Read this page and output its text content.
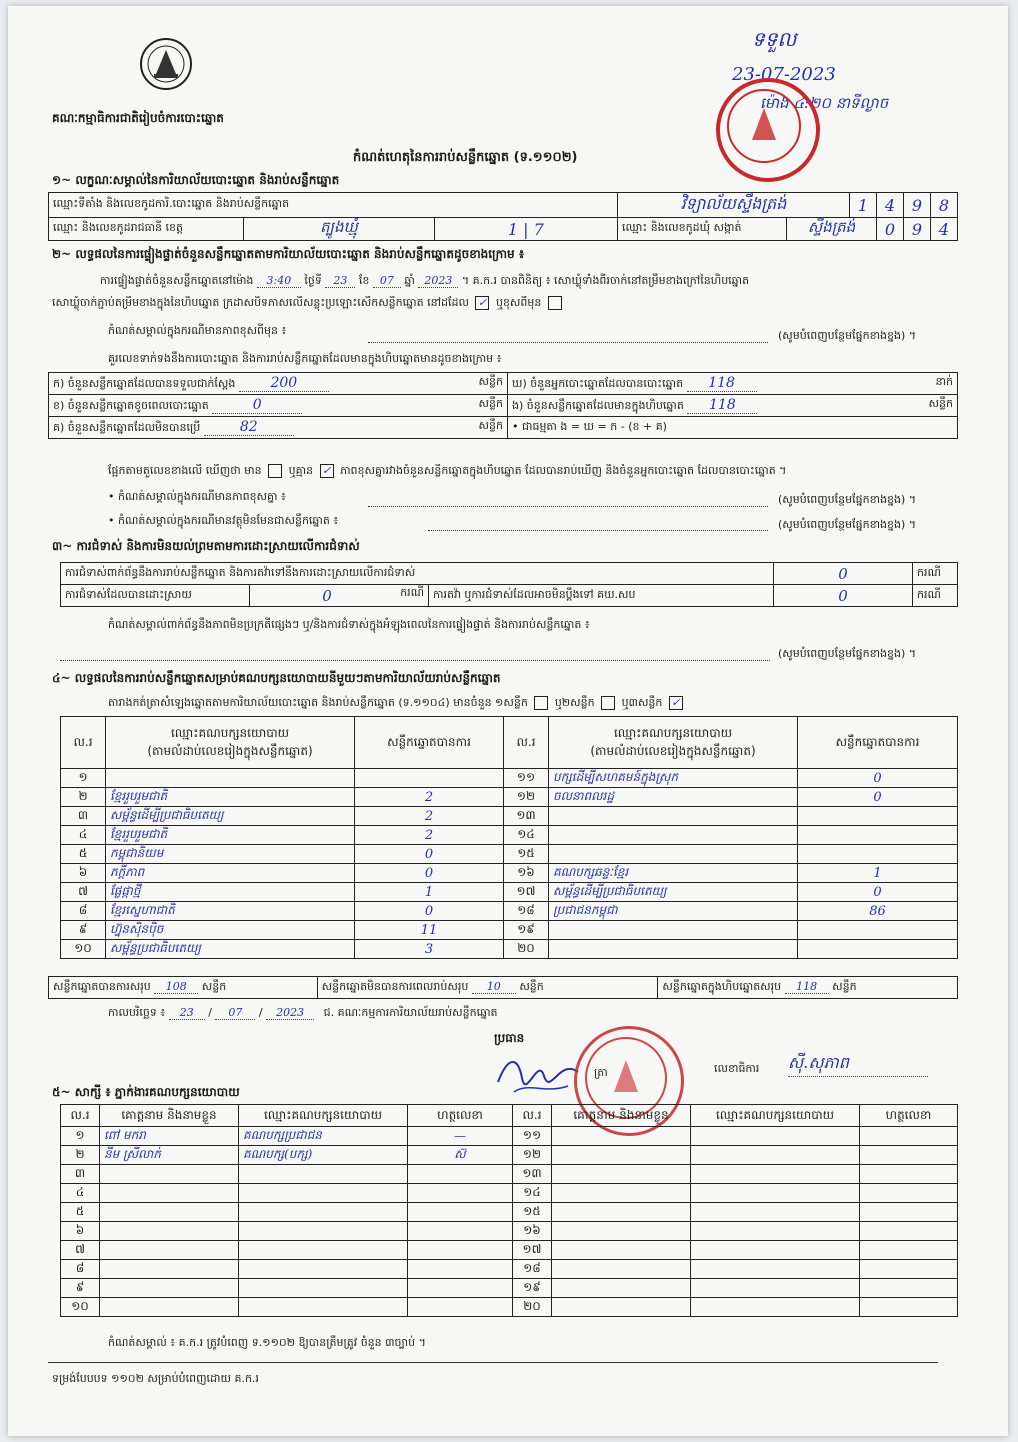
គណៈកម្មាធិការជាតិរៀបចំការបោះឆ្នោត
ទទួល
23-07-2023
ម៉ោង ៤:២០ នាទីល្ងាច
កំណត់ហេតុនៃការរាប់សន្លឹកឆ្នោត (ទ.១១០២)
១~ លក្ខណៈសម្គាល់នៃការិយាល័យបោះឆ្នោត និងរាប់សន្លឹកឆ្នោត
ឈ្មោះទីតាំង និងលេខកូដការិ.បោះឆ្នោត និងរាប់សន្លឹកឆ្នោត			វិទ្យាល័យស្ទឹងត្រង់		1	4	9	8
ឈ្មោះ និងលេខកូដរាជធានី ខេត្ត	ត្បូងឃ្មុំ	1 | 7	ឈ្មោះ និងលេខកូដឃុំ សង្កាត់	ស្ទឹងត្រង់		0	9	4
២~ លទ្ធផលនៃការផ្ទៀងផ្ទាត់ចំនួនសន្លឹកឆ្នោតតាមការិយាល័យបោះឆ្នោត និងរាប់សន្លឹកឆ្នោតដូចខាងក្រោម ៖
ការផ្ទៀងផ្ទាត់ចំនួនសន្លឹកឆ្នោតនៅម៉ោង 3:40 ថ្ងៃទី 23 ខែ 07 ឆ្នាំ 2023 ។ គ.ក.រ បានពិនិត្យ ៖ សោឃ្លុំទាំងពីរចាក់នៅតម្រឹមខាងក្រៅនៃហិបឆ្នោត
សោឃ្លុំចាក់ភ្ជាប់តម្រឹមខាងក្នុងនៃហិបឆ្នោត ក្រដាសបិទភាសលើសន្លុះប្រឡោះសើកសន្លឹកឆ្នោត នៅដដែល ✓ ឬខុសពីមុន
កំណត់សម្គាល់ក្នុងករណីមានភាពខុសពីមុន ៖	(សូមបំពេញបន្ថែមផ្នែកខាងខ្នង) ។
គួរលេខទាក់ទងនឹងការបោះឆ្នោត និងការរាប់សន្លឹកឆ្នោតដែលមានក្នុងហិបឆ្នោតមានដូចខាងក្រោម ៖
ក) ចំនួនសន្លឹកឆ្នោតដែលបានទទួលជាក់ស្តែង 200 សន្លឹក	ឃ) ចំនួនអ្នកបោះឆ្នោតដែលបានបោះឆ្នោត 118 នាក់

ខ) ចំនួនសន្លឹកឆ្នោតខូចពេលបោះឆ្នោត 0 សន្លឹក	ង) ចំនួនសន្លឹកឆ្នោតដែលមានក្នុងហិបឆ្នោត 118 សន្លឹក

គ) ចំនួនសន្លឹកឆ្នោតដែលមិនបានប្រើ 82 សន្លឹក	• ជាធម្មតា ង = ឃ = ក - (ខ + គ)
ផ្អែកតាមតួលេខខាងលើ ឃើញថា មាន ឬគ្មាន ✓ ភាពខុសគ្នារវាងចំនួនសន្លឹកឆ្នោតក្នុងហិបឆ្នោត ដែលបានរាប់ឃើញ និងចំនួនអ្នកបោះឆ្នោត ដែលបានបោះឆ្នោត ។
• កំណត់សម្គាល់ក្នុងករណីមានភាពខុសគ្នា ៖	(សូមបំពេញបន្ថែមផ្នែកខាងខ្នង) ។
• កំណត់សម្គាល់ក្នុងករណីមានវត្ថុមិនមែនជាសន្លឹកឆ្នោត ៖	(សូមបំពេញបន្ថែមផ្នែកខាងខ្នង) ។
៣~ ការជំទាស់ និងការមិនយល់ព្រមតាមការដោះស្រាយលើការជំទាស់
ការជំទាស់ពាក់ព័ន្ធនឹងការរាប់សន្លឹកឆ្នោត និងការតវ៉ាទៅនឹងការដោះស្រាយលើការជំទាស់			0	ករណី
ការជំទាស់ដែលបានដោះស្រាយ	0 ករណី	ការតវ៉ា ឬការជំទាស់ដែលអាចមិនប្តឹងទៅ គឃ.សប	0	ករណី
កំណត់សម្គាល់ពាក់ព័ន្ធនឹងភាពមិនប្រក្រតីផ្សេងៗ ឬ/និងការជំទាស់ក្នុងអំឡុងពេលនៃការផ្ទៀងផ្ទាត់ និងការរាប់សន្លឹកឆ្នោត ៖
(សូមបំពេញបន្ថែមផ្នែកខាងខ្នង) ។
៤~ លទ្ធផលនៃការរាប់សន្លឹកឆ្នោតសម្រាប់គណបក្សនយោបាយនីមួយៗតាមការិយាល័យរាប់សន្លឹកឆ្នោត
តារាងកត់ត្រាសំឡេងឆ្នោតតាមការិយាល័យបោះឆ្នោត និងរាប់សន្លឹកឆ្នោត (ទ.១១០៤) មានចំនួន ១សន្លឹក ឬ២សន្លឹក ឬ៣សន្លឹក ✓
ល.រ	ឈ្មោះគណបក្សនយោបាយ
(តាមលំដាប់លេខរៀងក្នុងសន្លឹកឆ្នោត)	សន្លឹកឆ្នោតបានការ	ល.រ	ឈ្មោះគណបក្សនយោបាយ
(តាមលំដាប់លេខរៀងក្នុងសន្លឹកឆ្នោត)	សន្លឹកឆ្នោតបានការ
១			១១	បក្សដើម្បីសហគមន៍ក្នុងស្រុក	0
២	ខ្មែររួបរួមជាតិ	2	១២	ចលនាពលរដ្ឋ	0
៣	សម្ព័ន្ធដើម្បីប្រជាធិបតេយ្យ	2	១៣		
៤	ខ្មែររួបរួមជាតិ	2	១៤		
៥	កម្ពុជានិយម	0	១៥		
៦	ភក្តីភាព	0	១៦	គណបក្សឆន្ទៈខ្មែរ	1
៧	ផ្លែផ្កាថ្មី	1	១៧	សម្ព័ន្ធដើម្បីប្រជាធិបតេយ្យ	0
៨	ខ្មែរស្នេហាជាតិ	0	១៨	ប្រជាជនកម្ពុជា	86
៩	ហ្វ៊ុនស៊ិនប៉ិច	11	១៩		
១០	សម្ព័ន្ធប្រជាធិបតេយ្យ	3	២០		
សន្លឹកឆ្នោតបានការសរុប 108 សន្លឹក	សន្លឹកឆ្នោតមិនបានការពេលរាប់សរុប 10 សន្លឹក	សន្លឹកឆ្នោតក្នុងហិបឆ្នោតសរុប 118 សន្លឹក
កាលបរិច្ឆេទ ៖ 23 / 07 / 2023 ជ. គណៈកម្មការការិយាល័យរាប់សន្លឹកឆ្នោត
ប្រធាន
ត្រា	លេខាធិការ ស៊ី.សុភាព
៥~ សាក្សី ៖ ភ្នាក់ងារគណបក្សនយោបាយ
ល.រ	គោត្តនាម និងនាមខ្លួន	ឈ្មោះគណបក្សនយោបាយ	ហត្ថលេខា	ល.រ	គោត្តនាម និងនាមខ្លួន	ឈ្មោះគណបក្សនយោបាយ	ហត្ថលេខា
១	ពៅ មករា	គណបក្សប្រជាជន	—	១១			
២	នីម ស្រីលាក់	គណបក្ស(បក្ស)	ស៊	១២			
៣				១៣			
៤				១៤			
៥				១៥			
៦				១៦			
៧				១៧			
៨				១៨			
៩				១៩			
១០				២០			
កំណត់សម្គាល់ ៖ គ.ក.រ ត្រូវបំពេញ ទ.១១០២ ឱ្យបានត្រឹមត្រូវ ចំនួន ៣ច្បាប់ ។
ទម្រង់បែបបទ ១១០២ សម្រាប់បំពេញដោយ គ.ក.រ
